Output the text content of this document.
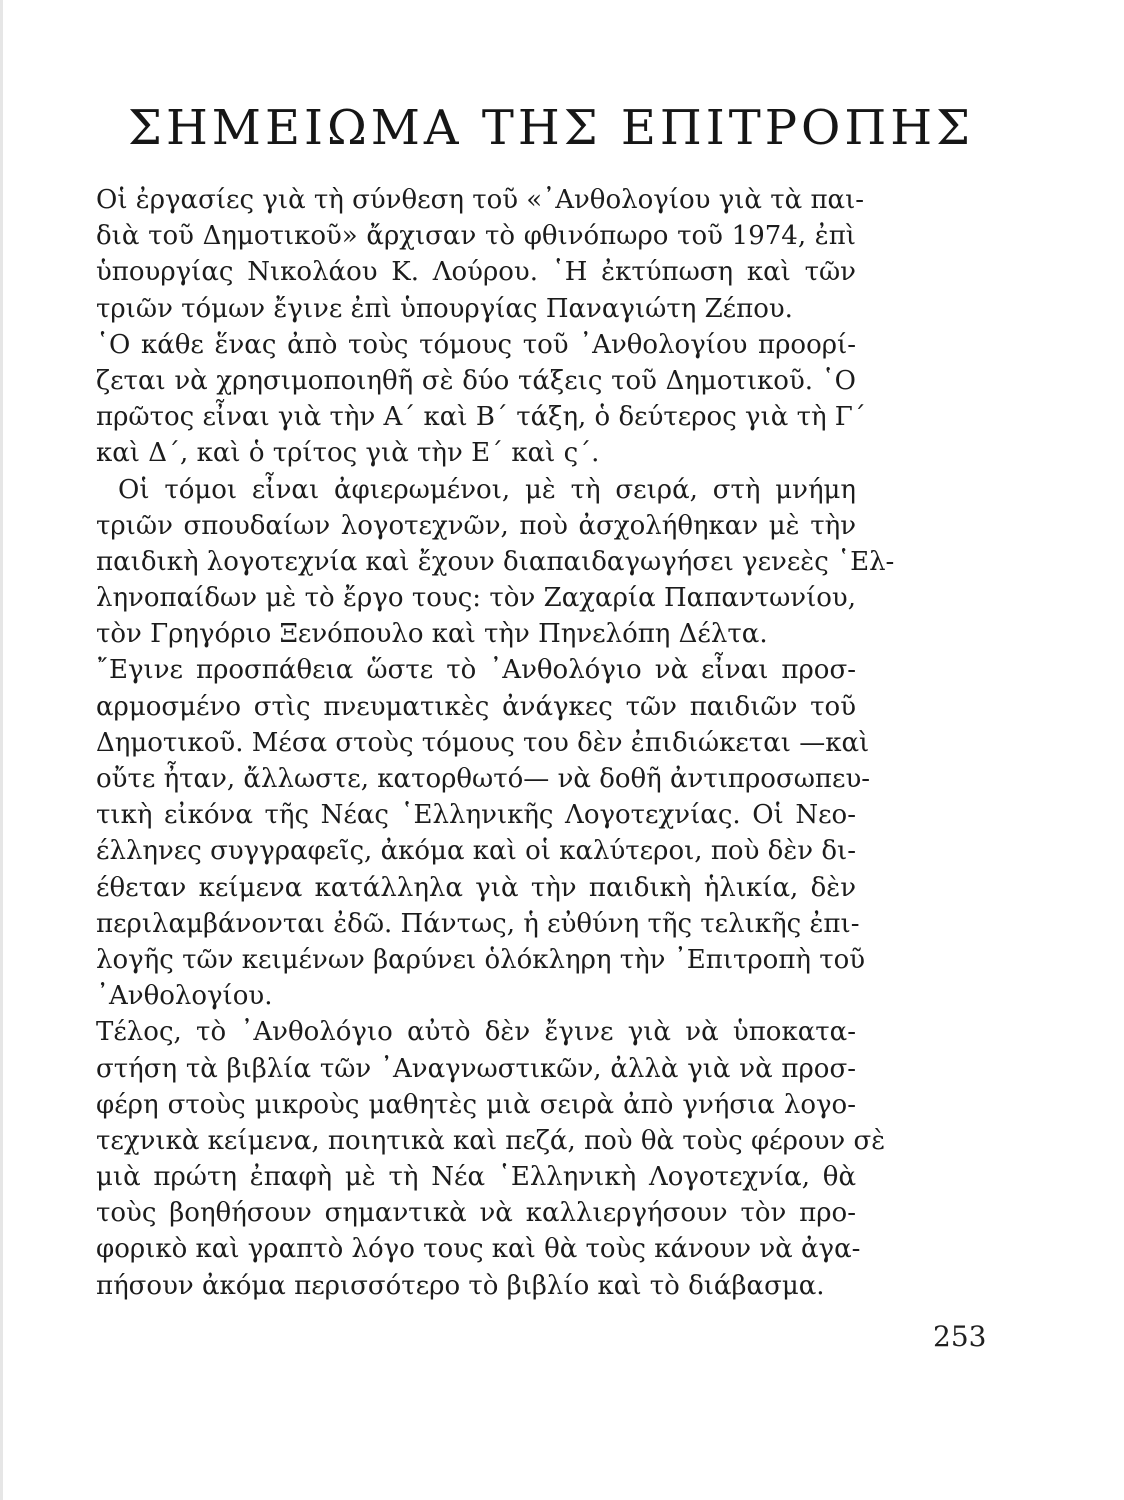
ΣΗΜΕΙΩΜΑ ΤΗΣ ΕΠΙΤΡΟΠΗΣ
Οἱ ἐργασίες γιὰ τὴ σύνθεση τοῦ «᾿Ανθολογίου γιὰ τὰ παι-
διὰ τοῦ Δημοτικοῦ» ἄρχισαν τὸ φθινόπωρο τοῦ 1974, ἐπὶ
ὑπουργίας Νικολάου Κ. Λούρου. ῾Η ἐκτύπωση καὶ τῶν
τριῶν τόμων ἔγινε ἐπὶ ὑπουργίας Παναγιώτη Ζέπου.
῾Ο κάθε ἕνας ἀπὸ τοὺς τόμους τοῦ ᾿Ανθολογίου προορί-
ζεται νὰ χρησιμοποιηθῆ σὲ δύο τάξεις τοῦ Δημοτικοῦ. ῾Ο
πρῶτος εἶναι γιὰ τὴν Α΄ καὶ Β΄ τάξη, ὁ δεύτερος γιὰ τὴ Γ΄
καὶ Δ΄, καὶ ὁ τρίτος γιὰ τὴν Ε΄ καὶ ς΄.
Οἱ τόμοι εἶναι ἀφιερωμένοι, μὲ τὴ σειρά, στὴ μνήμη
τριῶν σπουδαίων λογοτεχνῶν, ποὺ ἀσχολήθηκαν μὲ τὴν
παιδικὴ λογοτεχνία καὶ ἔχουν διαπαιδαγωγήσει γενεὲς ῾Ελ-
ληνοπαίδων μὲ τὸ ἔργο τους: τὸν Ζαχαρία Παπαντωνίου,
τὸν Γρηγόριο Ξενόπουλο καὶ τὴν Πηνελόπη Δέλτα.
῎Εγινε προσπάθεια ὥστε τὸ ᾿Ανθολόγιο νὰ εἶναι προσ-
αρμοσμένο στὶς πνευματικὲς ἀνάγκες τῶν παιδιῶν τοῦ
Δημοτικοῦ. Μέσα στοὺς τόμους του δὲν ἐπιδιώκεται —καὶ
οὔτε ἦταν, ἄλλωστε, κατορθωτό— νὰ δοθῆ ἀντιπροσωπευ-
τικὴ εἰκόνα τῆς Νέας ῾Ελληνικῆς Λογοτεχνίας. Οἱ Νεο-
έλληνες συγγραφεῖς, ἀκόμα καὶ οἱ καλύτεροι, ποὺ δὲν δι-
έθεταν κείμενα κατάλληλα γιὰ τὴν παιδικὴ ἡλικία, δὲν
περιλαμβάνονται ἐδῶ. Πάντως, ἡ εὐθύνη τῆς τελικῆς ἐπι-
λογῆς τῶν κειμένων βαρύνει ὁλόκληρη τὴν ᾿Επιτροπὴ τοῦ
᾿Ανθολογίου.
Τέλος, τὸ ᾿Ανθολόγιο αὐτὸ δὲν ἔγινε γιὰ νὰ ὑποκατα-
στήση τὰ βιβλία τῶν ᾿Αναγνωστικῶν, ἀλλὰ γιὰ νὰ προσ-
φέρη στοὺς μικροὺς μαθητὲς μιὰ σειρὰ ἀπὸ γνήσια λογο-
τεχνικὰ κείμενα, ποιητικὰ καὶ πεζά, ποὺ θὰ τοὺς φέρουν σὲ
μιὰ πρώτη ἐπαφὴ μὲ τὴ Νέα ῾Ελληνικὴ Λογοτεχνία, θὰ
τοὺς βοηθήσουν σημαντικὰ νὰ καλλιεργήσουν τὸν προ-
φορικὸ καὶ γραπτὸ λόγο τους καὶ θὰ τοὺς κάνουν νὰ ἀγα-
πήσουν ἀκόμα περισσότερο τὸ βιβλίο καὶ τὸ διάβασμα.
253
